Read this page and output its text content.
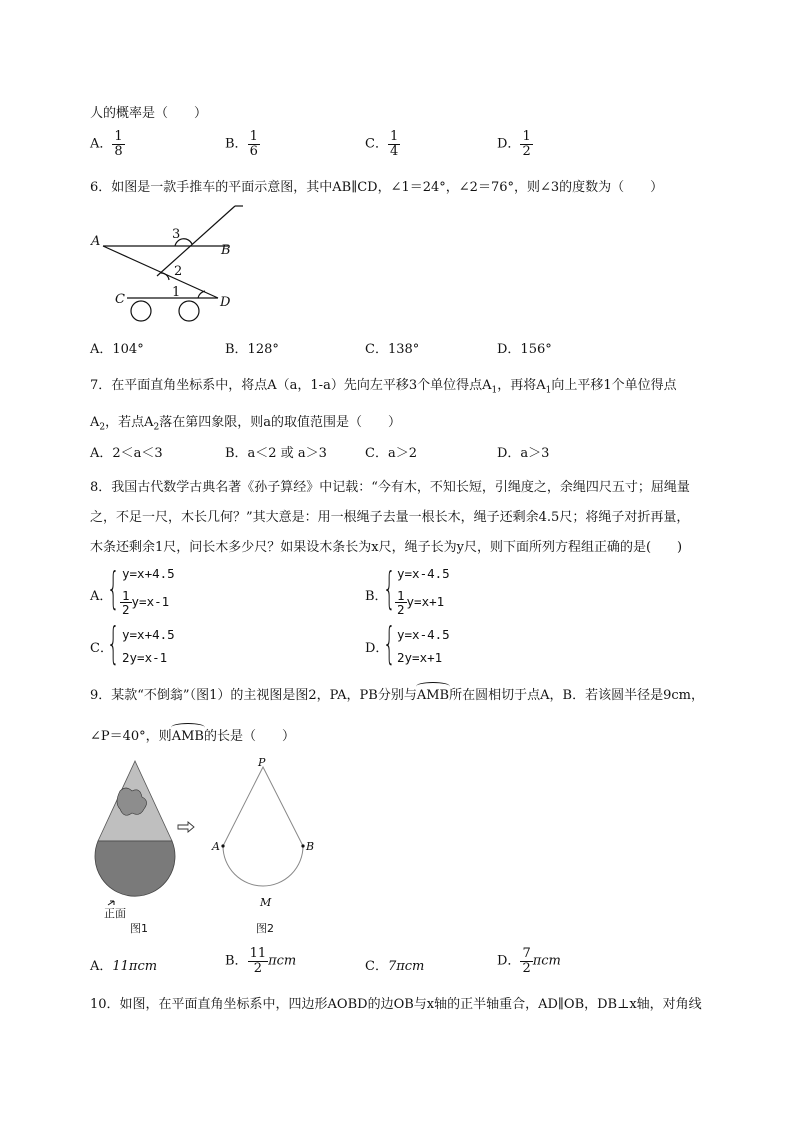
人的概率是（　　）
A． $\frac{1}{8}$	B． $\frac{1}{6}$	C． $\frac{1}{4}$	D． $\frac{1}{2}$
6．如图是一款手推车的平面示意图，其中AB∥CD，∠1＝24°，∠2＝76°，则∠3的度数为（　　）
A
B
C	D
3
2
1
A．104°	B．128°	C．138°	D．156°
7．在平面直角坐标系中，将点A（a，1-a）先向左平移3个单位得点$A_1$，再将$A_1$向上平移1个单位得点
$A_2$，若点$A_2$落在第四象限，则a的取值范围是（　　）
A．2＜a＜3	B．a＜2 或 a＞3	C．a＞2	D．a＞3
8．我国古代数学古典名著《孙子算经》中记载：“今有木，不知长短，引绳度之，余绳四尺五寸；屈绳量
之，不足一尺，木长几何？”其大意是：用一根绳子去量一根长木，绳子还剩余4.5尺；将绳子对折再量，
木条还剩余1尺，问长木多少尺？如果设木条长为x尺，绳子长为y尺，则下面所列方程组正确的是(　　)
A．
{ y=x+4.5
$\frac{1}{2} y=x-1$	B．
{ y=x-4.5
$\frac{1}{2} y=x+1$
C．
{ y=x+4.5
2y=x-1
D．
{ y=x-4.5
2y=x+1
9．某款“不倒翁”（图1）的主视图是图2，PA，PB分别与AMB所在圆相切于点A，B．若该圆半径是9cm，
∠P＝40°，则AMB的长是（　　）
正面
图1
P
A	B
M
图2
A．11πcm	B． $\frac{11}{2}$ πcm	C．7πcm	D． $\frac{7}{2}$ πcm
10．如图，在平面直角坐标系中，四边形AOBD的边OB与x轴的正半轴重合，AD∥OB，DB⊥x轴，对角线
